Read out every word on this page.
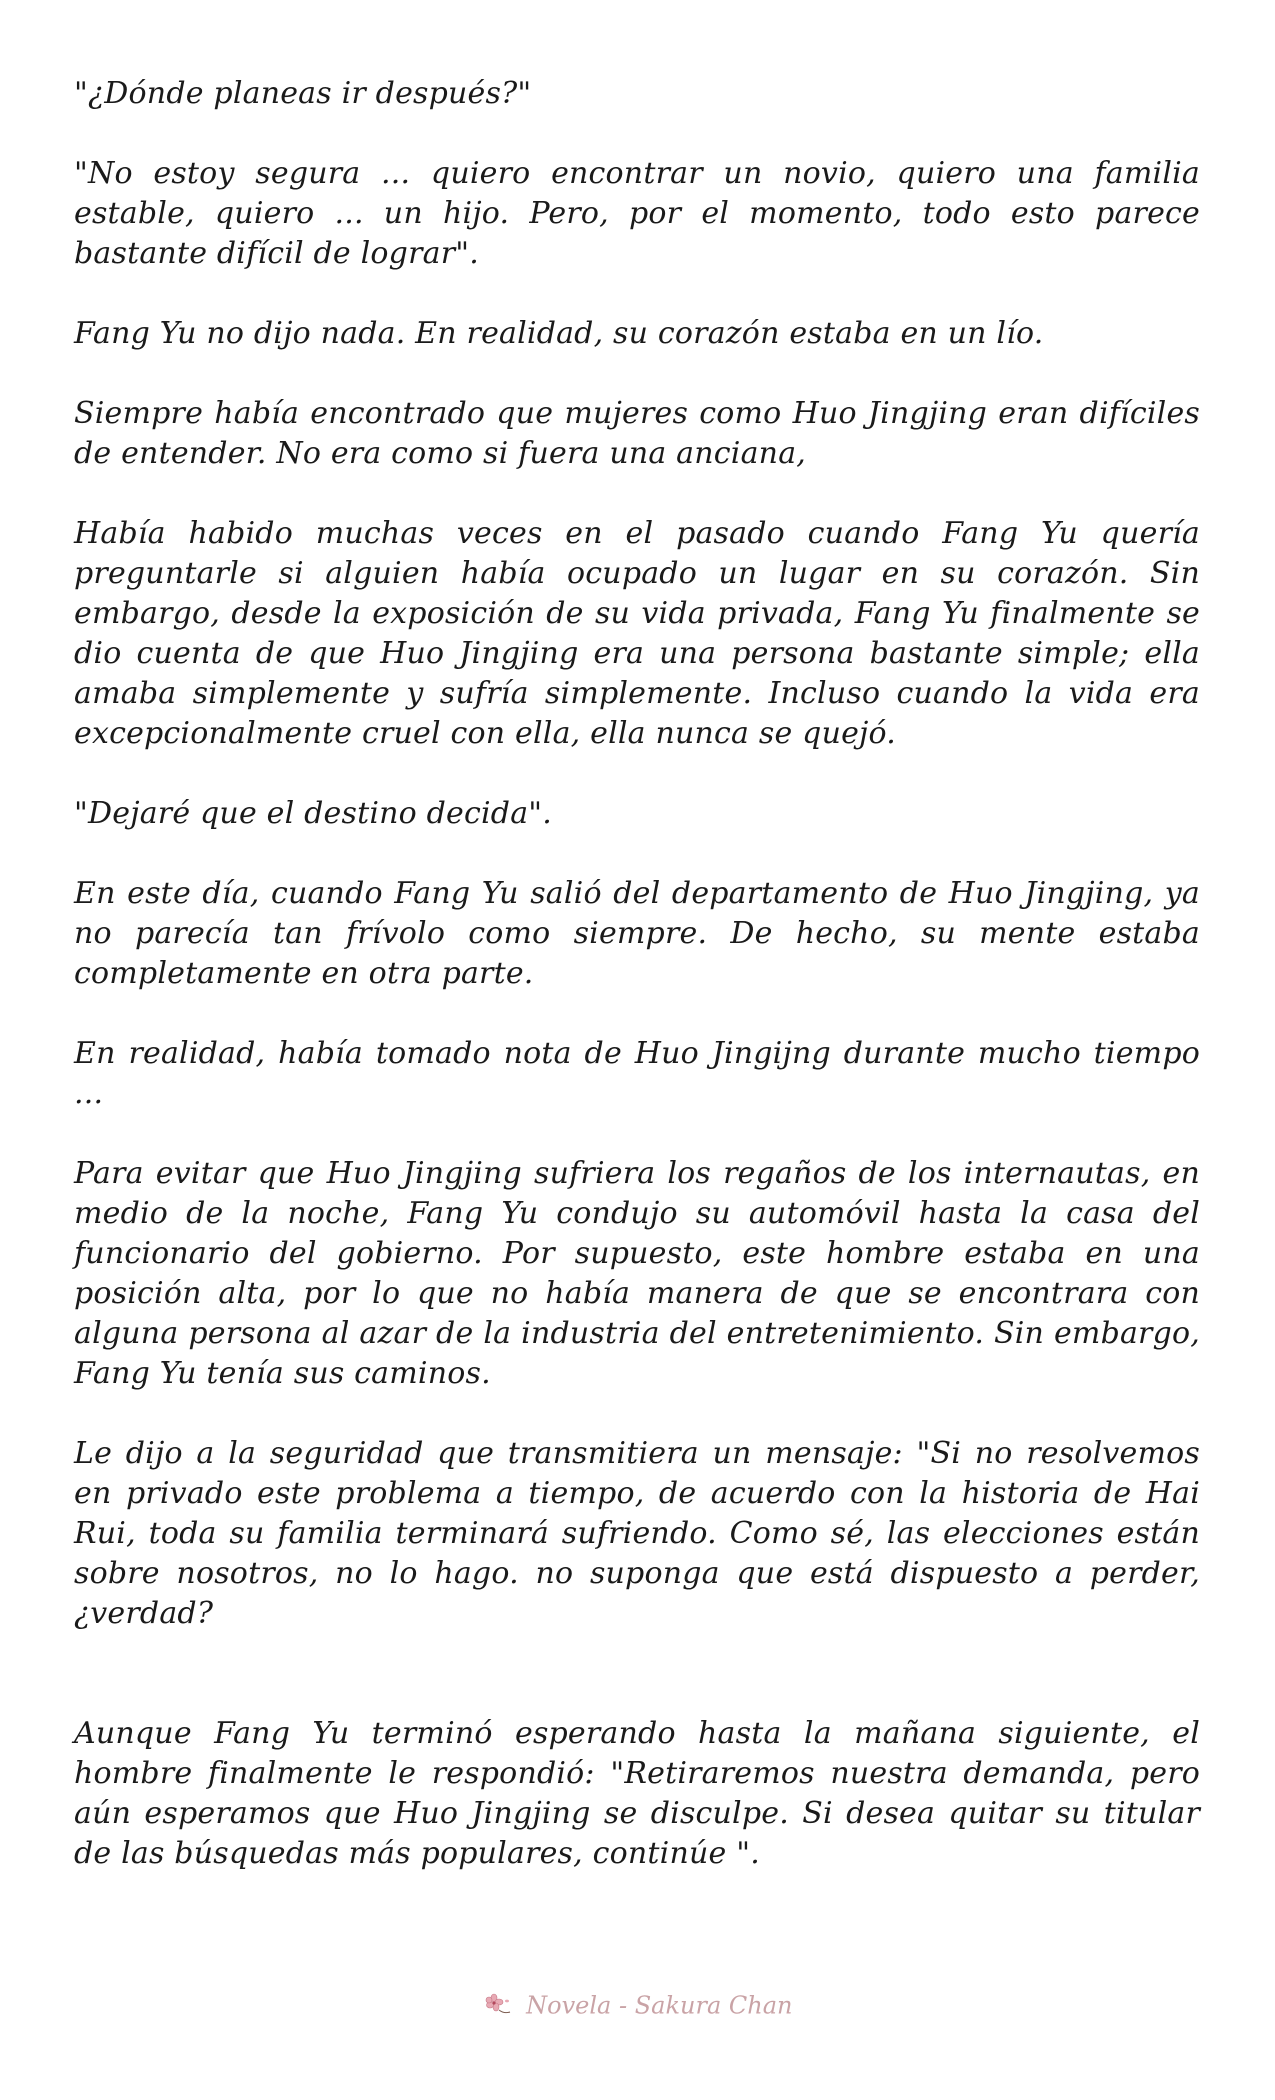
"¿Dónde planeas ir después?"

"No estoy segura ... quiero encontrar un novio, quiero una familia estable, quiero ... un hijo. Pero, por el momento, todo esto parece bastante difícil de lograr".

Fang Yu no dijo nada. En realidad, su corazón estaba en un lío.

Siempre había encontrado que mujeres como Huo Jingjing eran difíciles de entender. No era como si fuera una anciana,

Había habido muchas veces en el pasado cuando Fang Yu quería preguntarle si alguien había ocupado un lugar en su corazón. Sin embargo, desde la exposición de su vida privada, Fang Yu finalmente se dio cuenta de que Huo Jingjing era una persona bastante simple; ella amaba simplemente y sufría simplemente. Incluso cuando la vida era excepcionalmente cruel con ella, ella nunca se quejó.

"Dejaré que el destino decida".

En este día, cuando Fang Yu salió del departamento de Huo Jingjing, ya no parecía tan frívolo como siempre. De hecho, su mente estaba completamente en otra parte.

En realidad, había tomado nota de Huo Jingijng durante mucho tiempo ...

Para evitar que Huo Jingjing sufriera los regaños de los internautas, en medio de la noche, Fang Yu condujo su automóvil hasta la casa del funcionario del gobierno. Por supuesto, este hombre estaba en una posición alta, por lo que no había manera de que se encontrara con alguna persona al azar de la industria del entretenimiento. Sin embargo, Fang Yu tenía sus caminos.

Le dijo a la seguridad que transmitiera un mensaje: "Si no resolvemos en privado este problema a tiempo, de acuerdo con la historia de Hai Rui, toda su familia terminará sufriendo. Como sé, las elecciones están sobre nosotros, no lo hago. no suponga que está dispuesto a perder, ¿verdad?

Aunque Fang Yu terminó esperando hasta la mañana siguiente, el hombre finalmente le respondió: "Retiraremos nuestra demanda, pero aún esperamos que Huo Jingjing se disculpe. Si desea quitar su titular de las búsquedas más populares, continúe ".

Novela - Sakura Chan
